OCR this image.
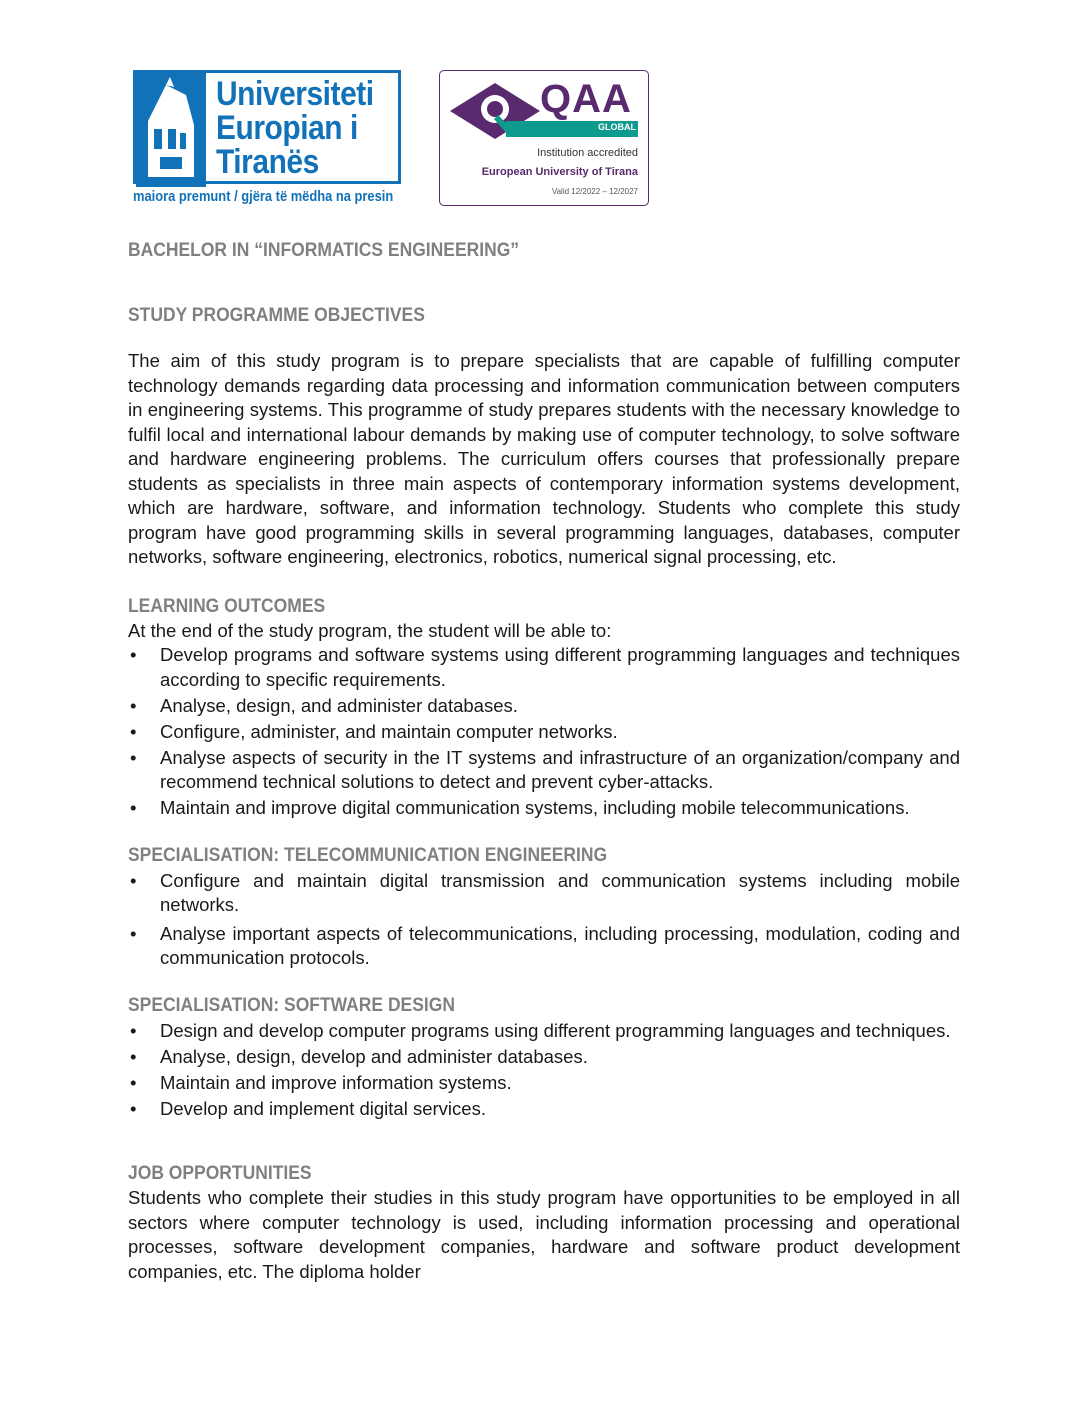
Universiteti
Europian i
Tiranës
maiora premunt / gjëra të mëdha na presin
QAA
GLOBAL
Institution accredited
European University of Tirana
Valid 12/2022 – 12/2027
BACHELOR IN “INFORMATICS ENGINEERING”
STUDY PROGRAMME OBJECTIVES

The aim of this study program is to prepare specialists that are capable of fulfilling computer technology demands regarding data processing and information communication between computers in engineering systems. This programme of study prepares students with the necessary knowledge to fulfil local and international labour demands by making use of computer technology, to solve software and hardware engineering problems. The curriculum offers courses that professionally prepare students as specialists in three main aspects of contemporary information systems development, which are hardware, software, and information technology. Students who complete this study program have good programming skills in several programming languages, databases, computer networks, software engineering, electronics, robotics, numerical signal processing, etc.

LEARNING OUTCOMES

At the end of the study program, the student will be able to:

• Develop programs and software systems using different programming languages and techniques according to specific requirements.
• Analyse, design, and administer databases.
• Configure, administer, and maintain computer networks.
• Analyse aspects of security in the IT systems and infrastructure of an organization/company and recommend technical solutions to detect and prevent cyber-attacks.
• Maintain and improve digital communication systems, including mobile telecommunications.
SPECIALISATION: TELECOMMUNICATION ENGINEERING
• Configure and maintain digital transmission and communication systems including mobile networks.
• Analyse important aspects of telecommunications, including processing, modulation, coding and communication protocols.
SPECIALISATION: SOFTWARE DESIGN
• Design and develop computer programs using different programming languages and techniques.
• Analyse, design, develop and administer databases.
• Maintain and improve information systems.
• Develop and implement digital services.
JOB OPPORTUNITIES

Students who complete their studies in this study program have opportunities to be employed in all sectors where computer technology is used, including information processing and operational processes, software development companies, hardware and software product development companies, etc. The diploma holder
